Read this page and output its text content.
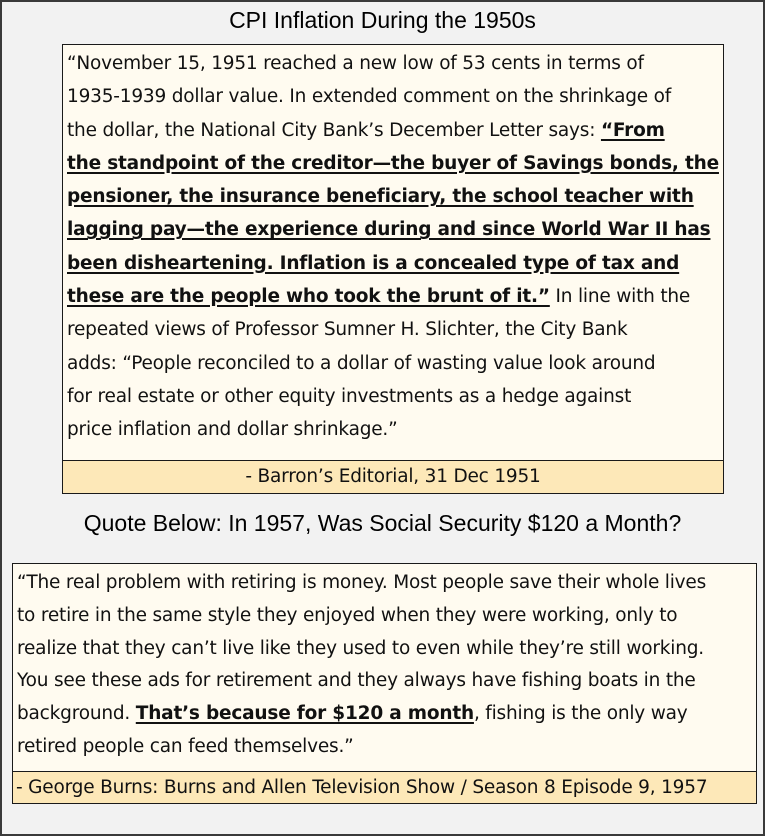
CPI Inflation During the 1950s

“November 15, 1951 reached a new low of 53 cents in terms of
1935-1939 dollar value. In extended comment on the shrinkage of
the dollar, the National City Bank’s December Letter says: “From
the standpoint of the creditor—the buyer of Savings bonds, the
pensioner, the insurance beneficiary, the school teacher with
lagging pay—the experience during and since World War II has
been disheartening. Inflation is a concealed type of tax and
these are the people who took the brunt of it.” In line with the
repeated views of Professor Sumner H. Slichter, the City Bank
adds: “People reconciled to a dollar of wasting value look around
for real estate or other equity investments as a hedge against
price inflation and dollar shrinkage.”

- Barron’s Editorial, 31 Dec 1951
Quote Below: In 1957, Was Social Security $120 a Month?

“The real problem with retiring is money. Most people save their whole lives
to retire in the same style they enjoyed when they were working, only to
realize that they can’t live like they used to even while they’re still working.
You see these ads for retirement and they always have fishing boats in the
background. That’s because for $120 a month, fishing is the only way
retired people can feed themselves.”

- George Burns: Burns and Allen Television Show / Season 8 Episode 9, 1957
